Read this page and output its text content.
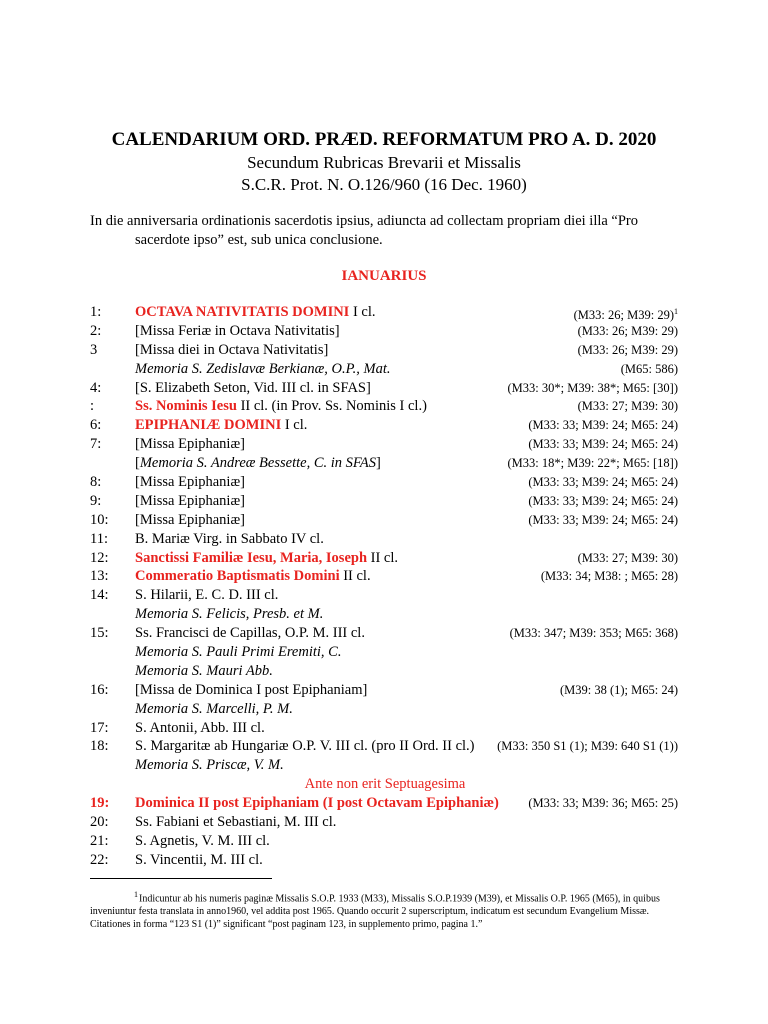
CALENDARIUM ORD. PRÆD. REFORMATUM PRO A. D. 2020
Secundum Rubricas Brevarii et Missalis
S.C.R. Prot. N. O.126/960 (16 Dec. 1960)
In die anniversaria ordinationis sacerdotis ipsius, adiuncta ad collectam propriam diei illa “Pro
sacerdote ipso” est, sub unica conclusione.
IANUARIUS
1: OCTAVA NATIVITATIS DOMINI I cl.	(M33: 26; M39: 29)$^1$
2: [Missa Feriæ in Octava Nativitatis]	(M33: 26; M39: 29)
3	[Missa diei in Octava Nativitatis]	(M33: 26; M39: 29)
Memoria S. Zedislavæ Berkianæ, O.P., Mat.	(M65: 586)
4: [S. Elizabeth Seton, Vid. III cl. in SFAS]	(M33: 30*; M39: 38*; M65: [30])
:	Ss. Nominis Iesu II cl. (in Prov. Ss. Nominis I cl.)	(M33: 27; M39: 30)
6: EPIPHANIÆ DOMINI I cl.	(M33: 33; M39: 24; M65: 24)
7: [Missa Epiphaniæ]	(M33: 33; M39: 24; M65: 24)
[Memoria S. Andreæ Bessette, C. in SFAS]	(M33: 18*; M39: 22*; M65: [18])
8: [Missa Epiphaniæ]	(M33: 33; M39: 24; M65: 24)
9: [Missa Epiphaniæ]	(M33: 33; M39: 24; M65: 24)
10: [Missa Epiphaniæ]	(M33: 33; M39: 24; M65: 24)
11: B. Mariæ Virg. in Sabbato IV cl.
12: Sanctissi Familiæ Iesu, Maria, Ioseph II cl.	(M33: 27; M39: 30)
13: Commeratio Baptismatis Domini II cl.	(M33: 34; M38: ; M65: 28)
14: S. Hilarii, E. C. D. III cl.
Memoria S. Felicis, Presb. et M.
15: Ss. Francisci de Capillas, O.P. M. III cl.	(M33: 347; M39: 353; M65: 368)
Memoria S. Pauli Primi Eremiti, C.
Memoria S. Mauri Abb.
16: [Missa de Dominica I post Epiphaniam]	(M39: 38 (1); M65: 24)
Memoria S. Marcelli, P. M.
17: S. Antonii, Abb. III cl.
18: S. Margaritæ ab Hungariæ O.P. V. III cl. (pro II Ord. II cl.) (M33: 350 S1 (1); M39: 640 S1 (1))
Memoria S. Priscæ, V. M.
Ante non erit Septuagesima
19: Dominica II post Epiphaniam (I post Octavam Epiphaniæ) (M33: 33; M39: 36; M65: 25)
20: Ss. Fabiani et Sebastiani, M. III cl.
21: S. Agnetis, V. M. III cl.
22: S. Vincentii, M. III cl.
$^1$Indicuntur ab his numeris paginæ Missalis S.O.P. 1933 (M33), Missalis S.O.P.1939 (M39), et Missalis O.P. 1965 (M65), in quibus inveniuntur festa translata in anno1960, vel addita post 1965. Quando occurit 2 superscriptum, indicatum est secundum Evangelium Missæ. Citationes in forma “123 S1 (1)” significant “post paginam 123, in supplemento primo, pagina 1.”
